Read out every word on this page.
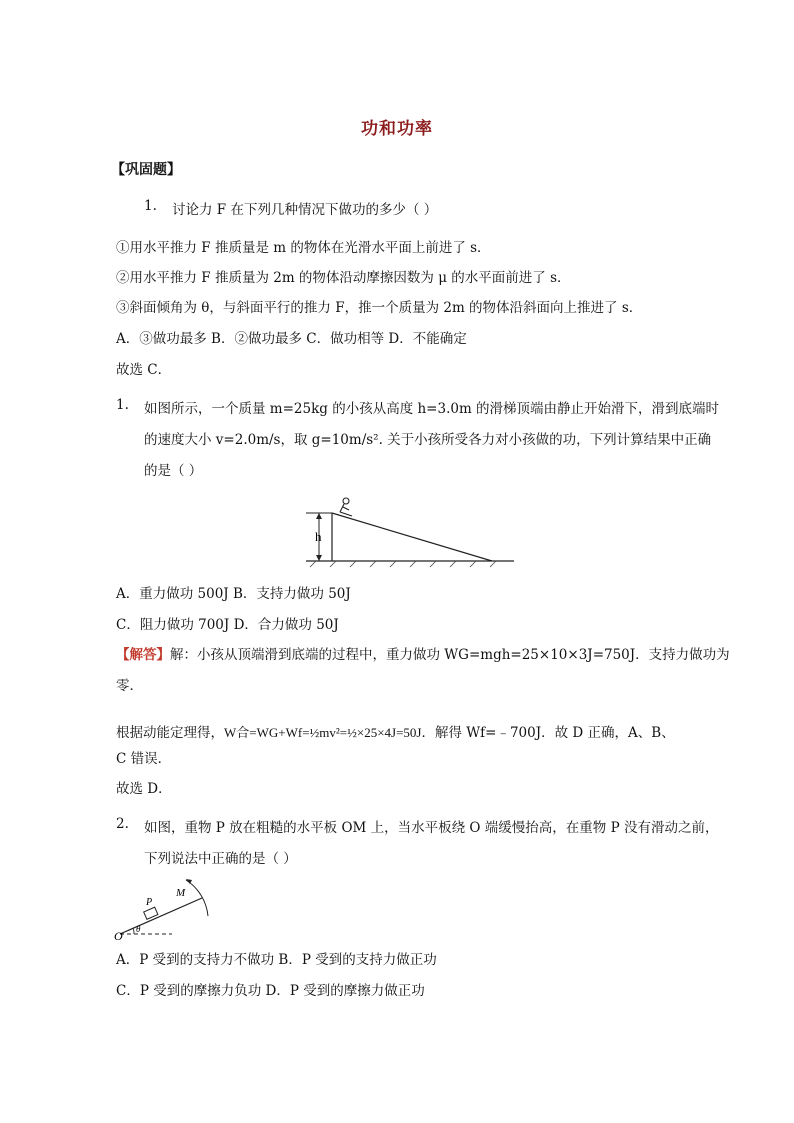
功和功率
【巩固题】
1. 讨论力 F 在下列几种情况下做功的多少（ ）
①用水平推力 F 推质量是 m 的物体在光滑水平面上前进了 s．
②用水平推力 F 推质量为 2m 的物体沿动摩擦因数为 μ 的水平面前进了 s．
③斜面倾角为 θ，与斜面平行的推力 F，推一个质量为 2m 的物体沿斜面向上推进了 s．
A．③做功最多 B．②做功最多 C．做功相等 D．不能确定
故选 C．
1. 如图所示，一个质量 m=25kg 的小孩从高度 h=3.0m 的滑梯顶端由静止开始滑下，滑到底端时
的速度大小 v=2.0m/s，取 g=10m/s². 关于小孩所受各力对小孩做的功，下列计算结果中正确
的是（ ）
h
A．重力做功 500J B．支持力做功 50J
C．阻力做功 700J D．合力做功 50J
【解答】解：小孩从顶端滑到底端的过程中，重力做功 WG=mgh=25×10×3J=750J．支持力做功为
零．
根据动能定理得，W合=WG+Wf=½mv²=½×25×4J=50J．解得 Wf=﹣700J．故 D 正确，A、B、
C 错误．
故选 D．
2. 如图，重物 P 放在粗糙的水平板 OM 上，当水平板绕 O 端缓慢抬高，在重物 P 没有滑动之前，
下列说法中正确的是（ ）
O θ
P
M
A．P 受到的支持力不做功 B．P 受到的支持力做正功
C．P 受到的摩擦力负功 D．P 受到的摩擦力做正功
